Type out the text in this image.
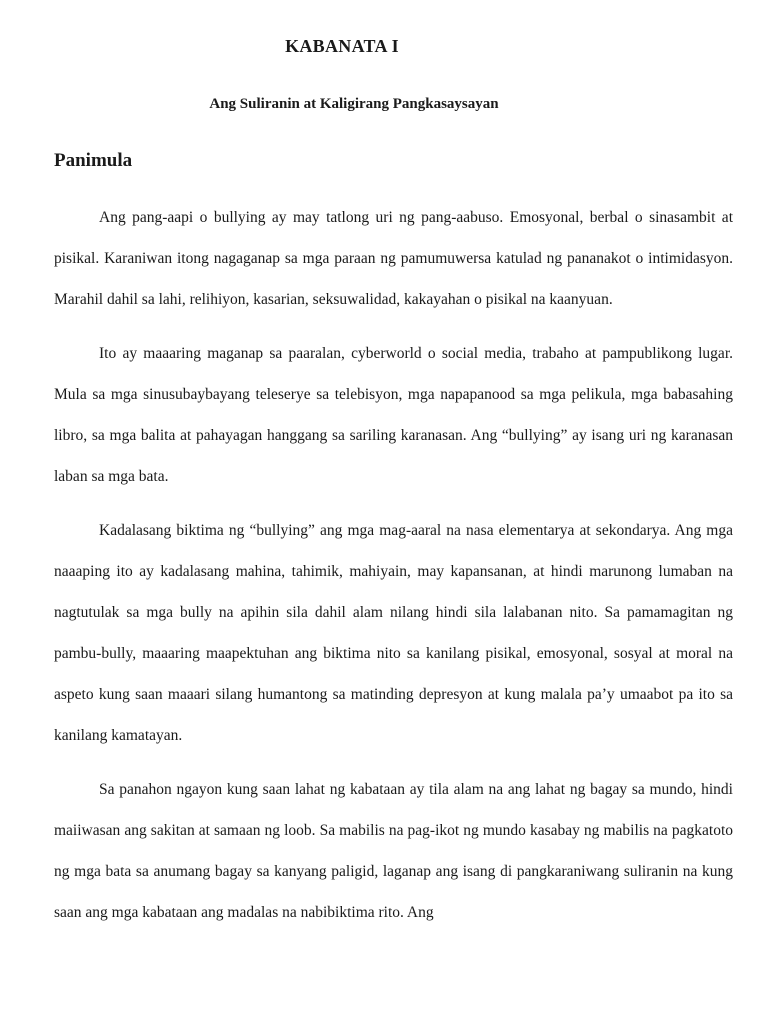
KABANATA I
Ang Suliranin at Kaligirang Pangkasaysayan
Panimula

Ang pang-aapi o bullying ay may tatlong uri ng pang-aabuso. Emosyonal, berbal o sinasambit at pisikal. Karaniwan itong nagaganap sa mga paraan ng pamumuwersa katulad ng pananakot o intimidasyon. Marahil dahil sa lahi, relihiyon, kasarian, seksuwalidad, kakayahan o pisikal na kaanyuan.

Ito ay maaaring maganap sa paaralan, cyberworld o social media, trabaho at pampublikong lugar. Mula sa mga sinusubaybayang teleserye sa telebisyon, mga napapanood sa mga pelikula, mga babasahing libro, sa mga balita at pahayagan hanggang sa sariling karanasan. Ang “bullying” ay isang uri ng karanasan laban sa mga bata.

Kadalasang biktima ng “bullying” ang mga mag-aaral na nasa elementarya at sekondarya. Ang mga naaaping ito ay kadalasang mahina, tahimik, mahiyain, may kapansanan, at hindi marunong lumaban na nagtutulak sa mga bully na apihin sila dahil alam nilang hindi sila lalabanan nito. Sa pamamagitan ng pambu-bully, maaaring maapektuhan ang biktima nito sa kanilang pisikal, emosyonal, sosyal at moral na aspeto kung saan maaari silang humantong sa matinding depresyon at kung malala pa’y umaabot pa ito sa kanilang kamatayan.

Sa panahon ngayon kung saan lahat ng kabataan ay tila alam na ang lahat ng bagay sa mundo, hindi maiiwasan ang sakitan at samaan ng loob. Sa mabilis na pag-ikot ng mundo kasabay ng mabilis na pagkatoto ng mga bata sa anumang bagay sa kanyang paligid, laganap ang isang di pangkaraniwang suliranin na kung saan ang mga kabataan ang madalas na nabibiktima rito. Ang
